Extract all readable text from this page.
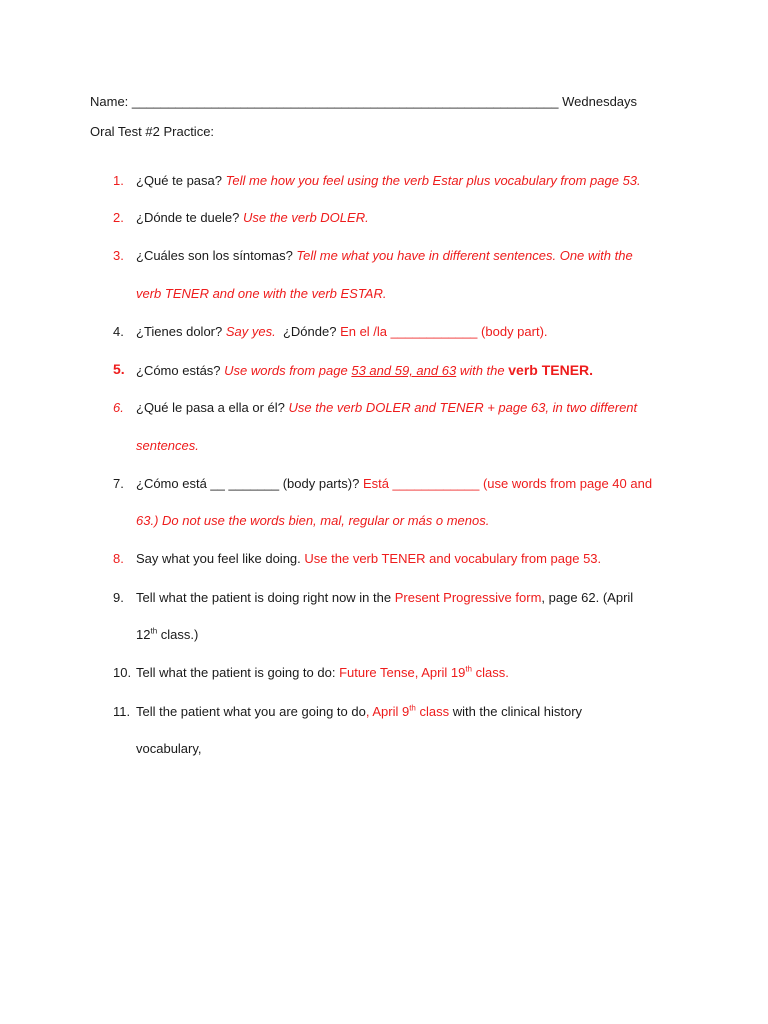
Name: ___________________________________________________________ Wednesdays
Oral Test #2 Practice:
1. ¿Qué te pasa? Tell me how you feel using the verb Estar plus vocabulary from page 53.
2. ¿Dónde te duele? Use the verb DOLER.
3. ¿Cuáles son los síntomas? Tell me what you have in different sentences. One with the
verb TENER and one with the verb ESTAR.
4. ¿Tienes dolor? Say yes. ¿Dónde? En el /la ____________ (body part).
5. ¿Cómo estás? Use words from page 53 and 59, and 63 with the verb TENER.
6. ¿Qué le pasa a ella or él? Use the verb DOLER and TENER + page 63, in two different
sentences.
7. ¿Cómo está __ _______ (body parts)? Está ____________ (use words from page 40 and
63.) Do not use the words bien, mal, regular or más o menos.
8. Say what you feel like doing. Use the verb TENER and vocabulary from page 53.
9. Tell what the patient is doing right now in the Present Progressive form, page 62. (April
12th class.)
10. Tell what the patient is going to do: Future Tense, April 19th class.
11. Tell the patient what you are going to do, April 9th class with the clinical history
vocabulary,
